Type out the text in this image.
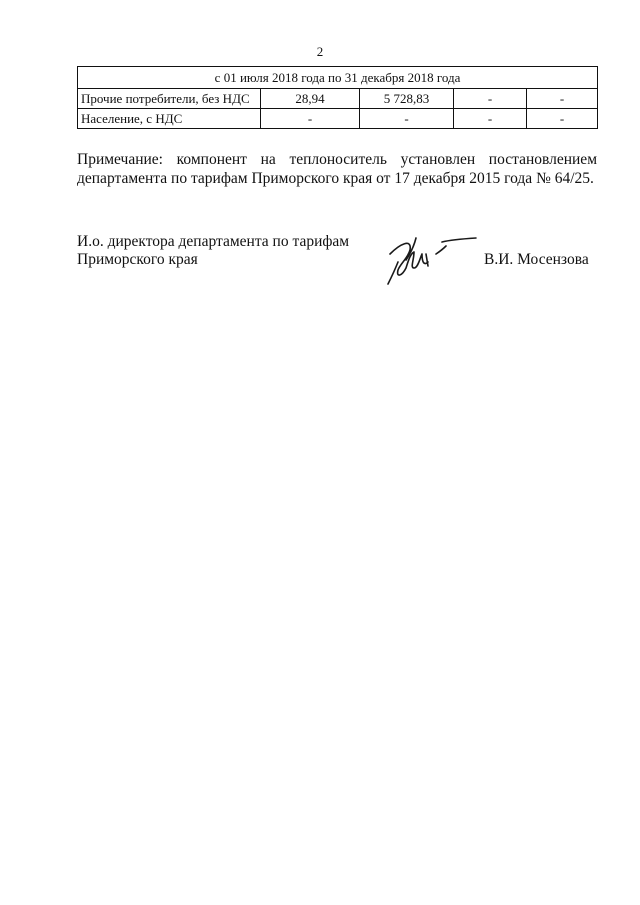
2
с 01 июля 2018 года по 31 декабря 2018 года				
Прочие потребители, без НДС	28,94	5 728,83	-	-
Население, с НДС	-	-	-	-
Примечание: компонент на теплоноситель установлен постановлением
департамента по тарифам Приморского края от 17 декабря 2015 года № 64/25.
И.о. директора департамента по тарифам
Приморского края	В.И. Мосензова
